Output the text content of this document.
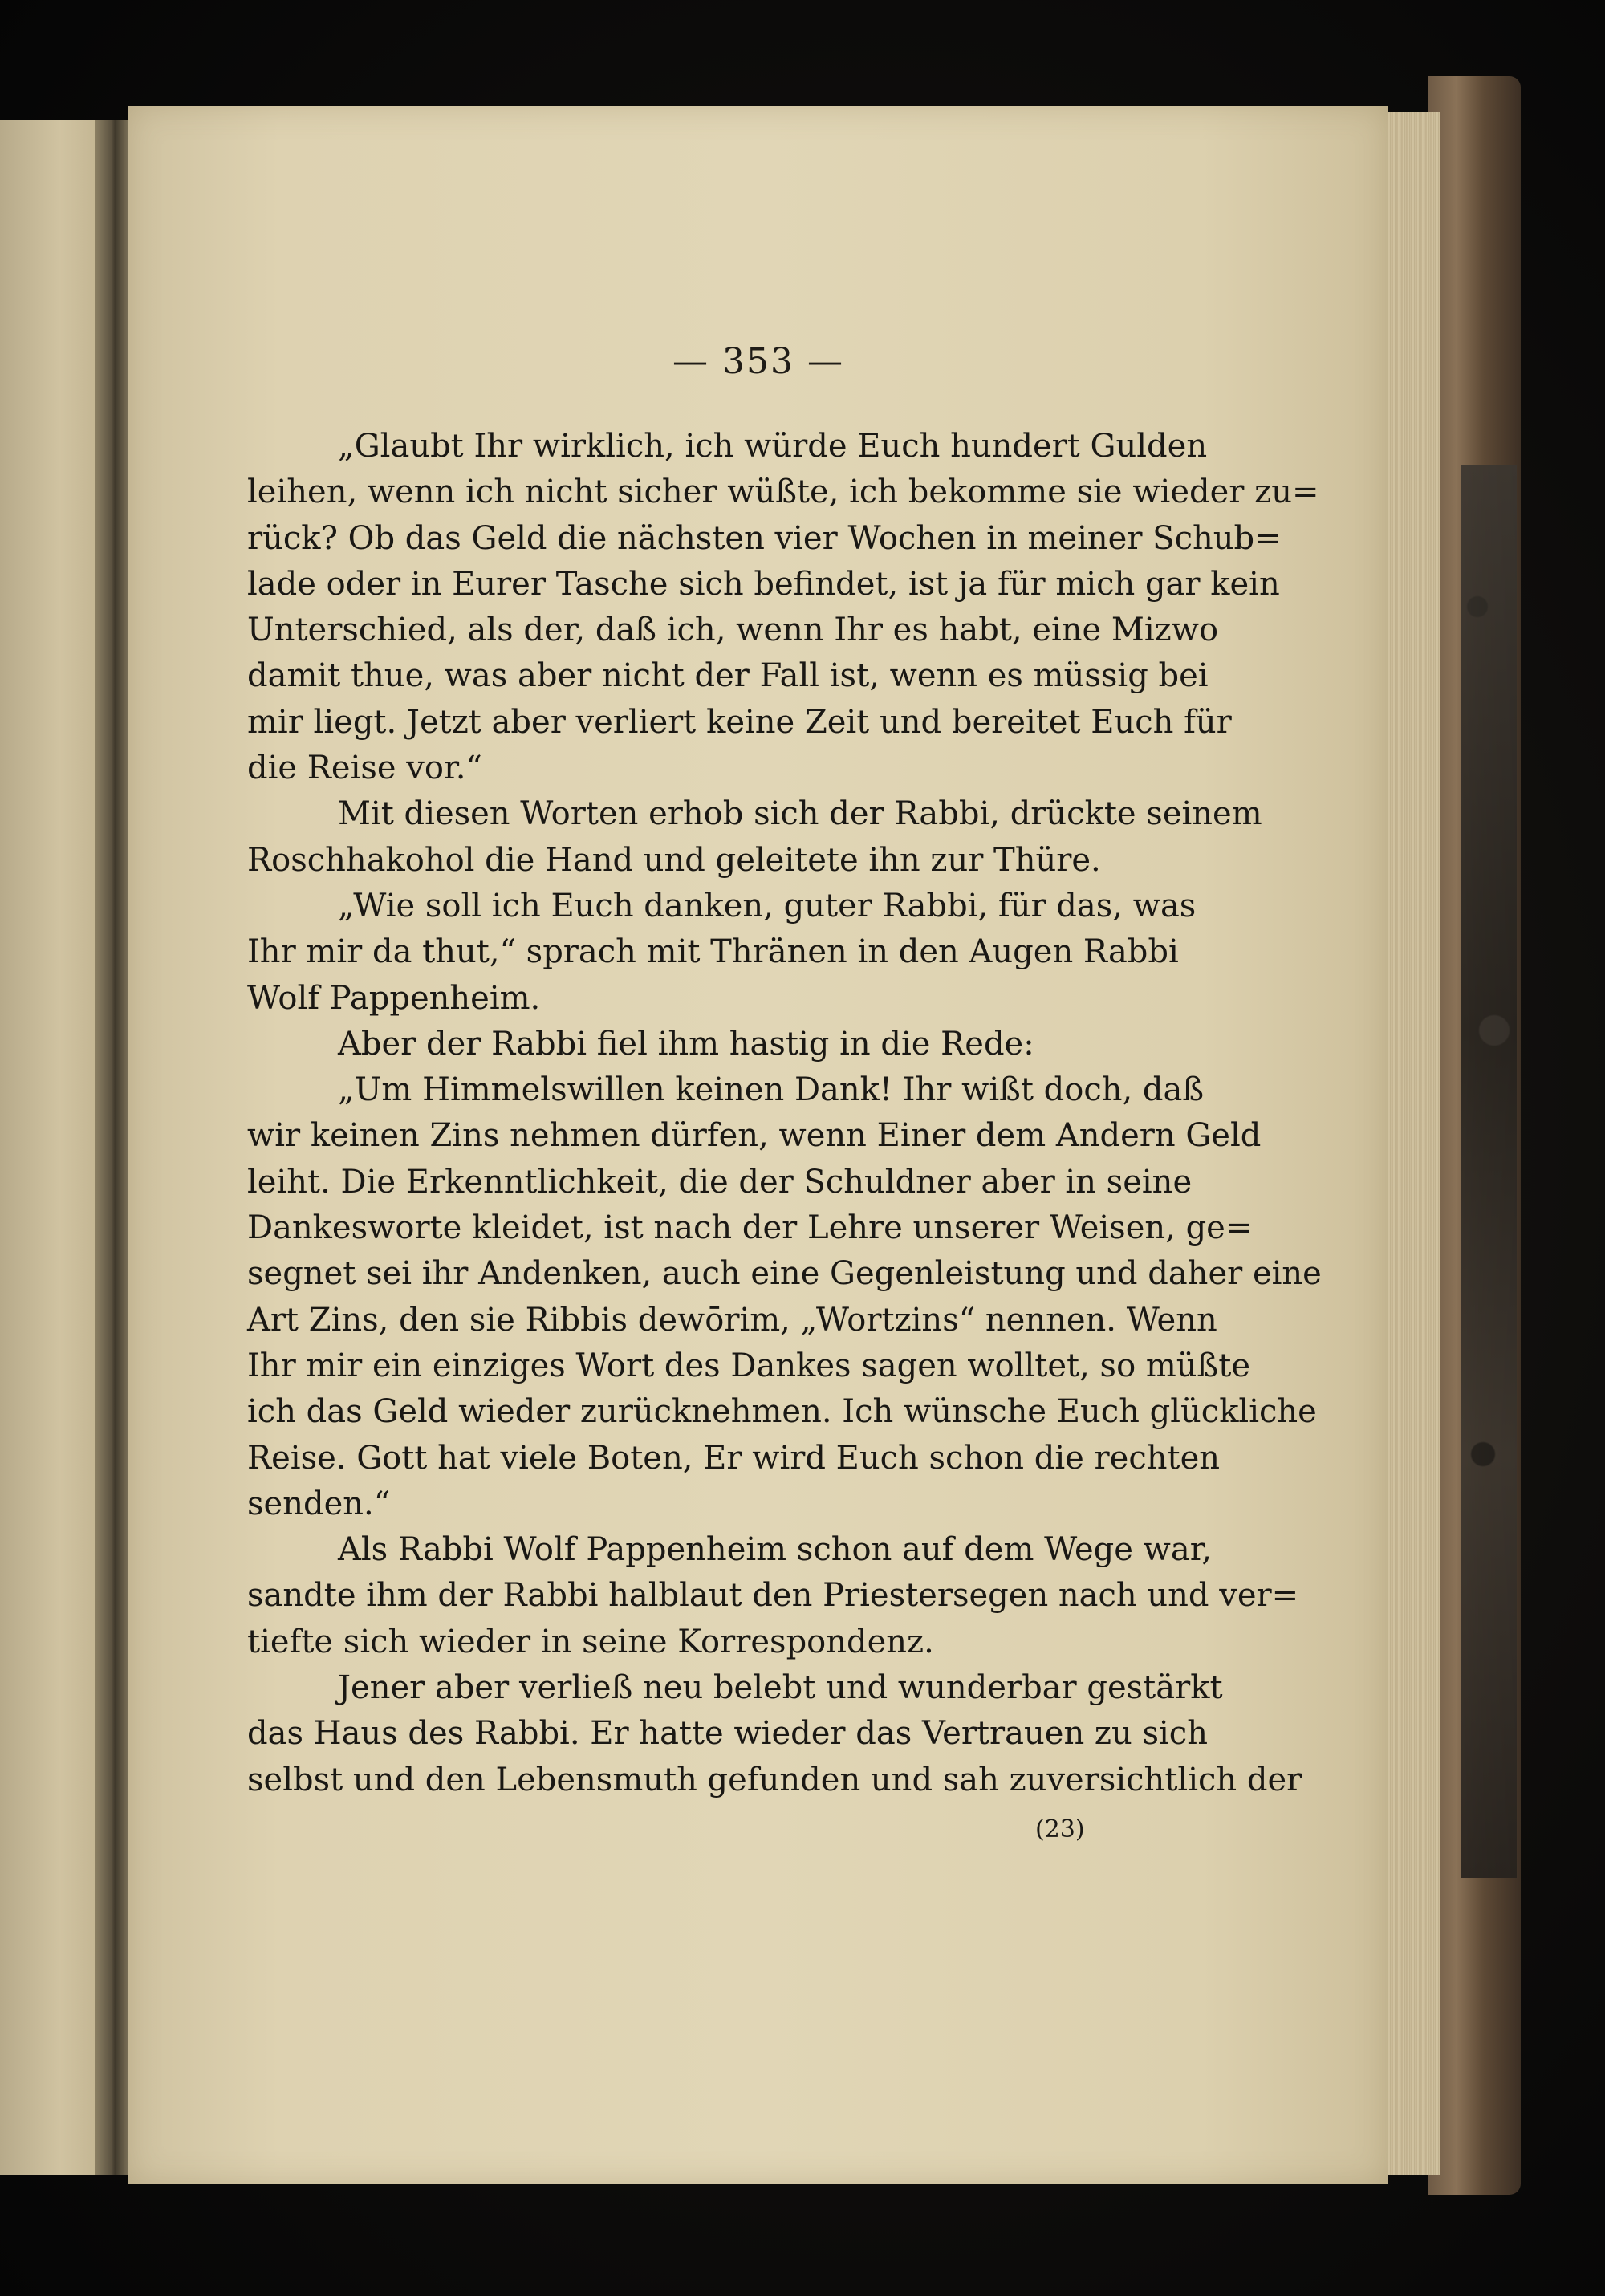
— 353 —
„Glaubt Ihr wirklich, ich würde Euch hundert Gulden
leihen, wenn ich nicht sicher wüßte, ich bekomme sie wieder zu=
rück? Ob das Geld die nächsten vier Wochen in meiner Schub=
lade oder in Eurer Tasche sich befindet, ist ja für mich gar kein
Unterschied, als der, daß ich, wenn Ihr es habt, eine Mizwo
damit thue, was aber nicht der Fall ist, wenn es müssig bei
mir liegt. Jetzt aber verliert keine Zeit und bereitet Euch für
die Reise vor.“
Mit diesen Worten erhob sich der Rabbi, drückte seinem
Roschhakohol die Hand und geleitete ihn zur Thüre.
„Wie soll ich Euch danken, guter Rabbi, für das, was
Ihr mir da thut,“ sprach mit Thränen in den Augen Rabbi
Wolf Pappenheim.
Aber der Rabbi fiel ihm hastig in die Rede:
„Um Himmelswillen keinen Dank! Ihr wißt doch, daß
wir keinen Zins nehmen dürfen, wenn Einer dem Andern Geld
leiht. Die Erkenntlichkeit, die der Schuldner aber in seine
Dankesworte kleidet, ist nach der Lehre unserer Weisen, ge=
segnet sei ihr Andenken, auch eine Gegenleistung und daher eine
Art Zins, den sie Ribbis dewōrim, „Wortzins“ nennen. Wenn
Ihr mir ein einziges Wort des Dankes sagen wolltet, so müßte
ich das Geld wieder zurücknehmen. Ich wünsche Euch glückliche
Reise. Gott hat viele Boten, Er wird Euch schon die rechten
senden.“
Als Rabbi Wolf Pappenheim schon auf dem Wege war,
sandte ihm der Rabbi halblaut den Priestersegen nach und ver=
tiefte sich wieder in seine Korrespondenz.
Jener aber verließ neu belebt und wunderbar gestärkt
das Haus des Rabbi. Er hatte wieder das Vertrauen zu sich
selbst und den Lebensmuth gefunden und sah zuversichtlich der
(23)
